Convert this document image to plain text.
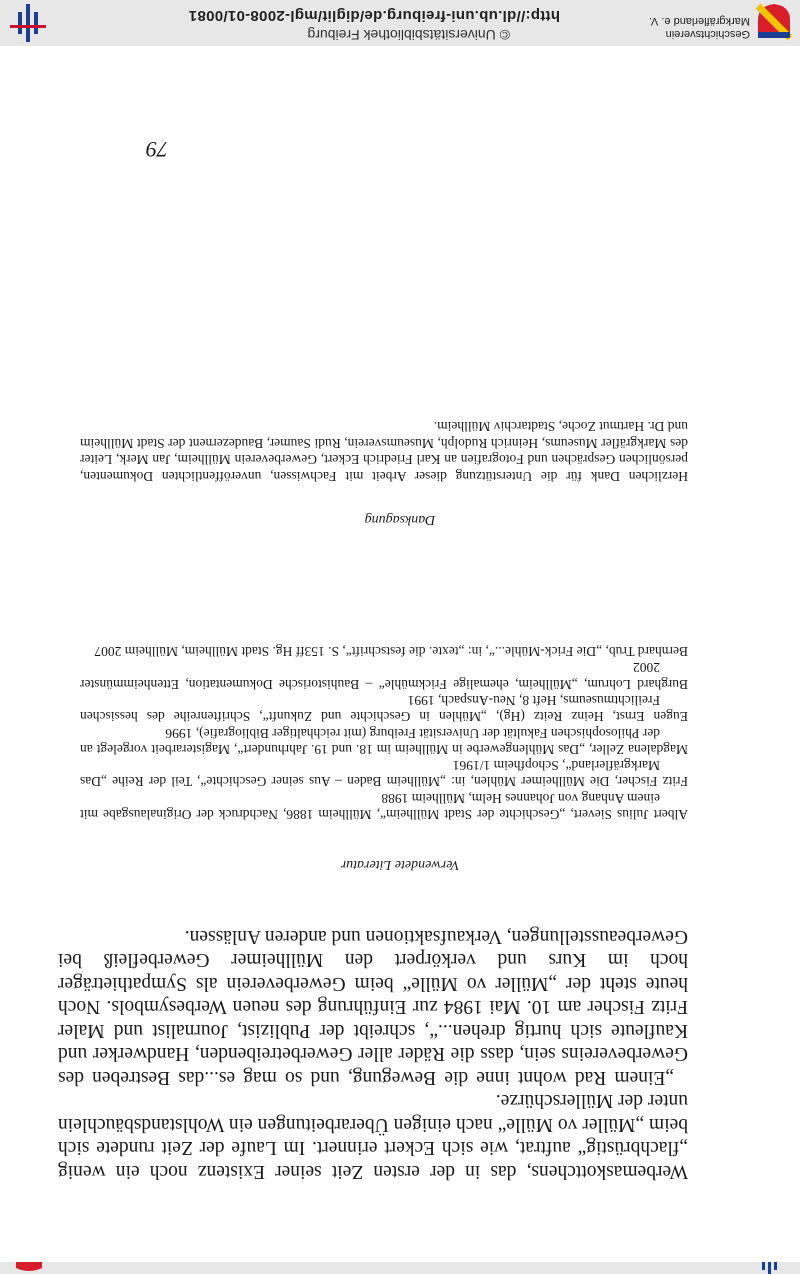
© Universitätsbibliothek Freiburg
http://dl.ub.uni-freiburg.de/diglit/mgl-2008-01/0081
Geschichtsverein
Markgräflerland e. V.

Werbemaskottchens, das in der ersten Zeit seiner Existenz noch ein wenig „flachbrüstig“ auftrat, wie sich Eckert erinnert. Im Laufe der Zeit rundete sich beim „Müller vo Mülle“ nach einigen Überarbeitungen ein Wohlstandsbäuchlein unter der Müllerschürze.

„Einem Rad wohnt inne die Bewegung, und so mag es...das Bestreben des Gewerbevereins sein, dass die Räder aller Gewerbetreibenden, Handwerker und Kaufleute sich hurtig drehen...“, schreibt der Publizist, Journalist und Maler Fritz Fischer am 10. Mai 1984 zur Einführung des neuen Werbesymbols. Noch heute steht der „Müller vo Mülle“ beim Gewerbeverein als Sympathieträger hoch im Kurs und verkörpert den Müllheimer Gewerbefleiß bei Gewerbeausstellungen, Verkaufsaktionen und anderen Anlässen.

Verwendete Literatur
Albert Julius Sievert, „Geschichte der Stadt Müllheim“, Müllheim 1886, Nachdruck der Originalausgabe mit einem Anhang von Johannes Helm, Müllheim 1988
Fritz Fischer, Die Müllheimer Mühlen, in: „Müllheim Baden – Aus seiner Geschichte“, Teil der Reihe „Das Markgräflerland“, Schopfheim 1/1961
Magdalena Zeller, „Das Mühlengewerbe in Müllheim im 18. und 19. Jahrhundert“, Magisterarbeit vorgelegt an der Philosophischen Fakultät der Universität Freiburg (mit reichhaltiger Bibliografie), 1996
Eugen Ernst, Heinz Reitz (Hg), „Mühlen in Geschichte und Zukunft“, Schriftenreihe des hessischen Freilichtmuseums, Heft 8, Neu-Anspach, 1991
Burghard Lohrum, „Müllheim, ehemalige Frickmühle“ – Bauhistorische Dokumentation, Ettenheimmünster 2002
Bernhard Trub, „Die Frick-Mühle...“, in: „texte. die festschrift“, S. 153ff Hg. Stadt Müllheim, Müllheim 2007
Danksagung
Herzlichen Dank für die Unterstützung dieser Arbeit mit Fachwissen, unveröffentlichten Dokumenten, persönlichen Gesprächen und Fotografien an Karl Friedrich Eckert, Gewerbeverein Müllheim, Jan Merk, Leiter des Markgräfler Museums, Heinrich Rudolph, Museumsverein, Rudi Saumer, Baudezernent der Stadt Müllheim und Dr. Hartmut Zoche, Stadtarchiv Müllheim.
79
